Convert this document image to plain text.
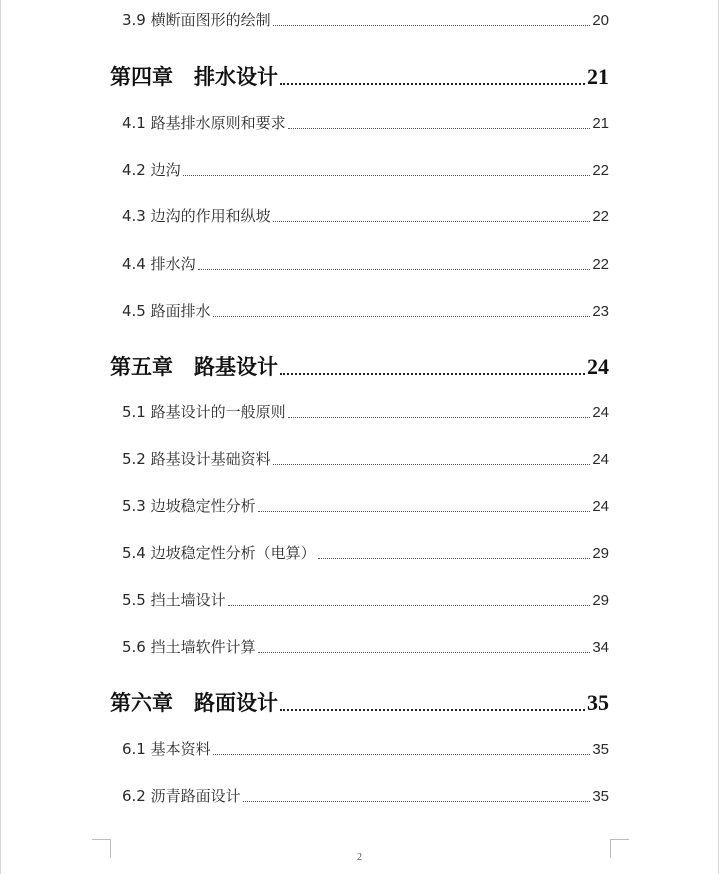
3.9 横断面图形的绘制	20
第四章　排水设计	21
4.1 路基排水原则和要求	21
4.2 边沟	22
4.3 边沟的作用和纵坡	22
4.4 排水沟	22
4.5 路面排水	23
第五章　路基设计	24
5.1 路基设计的一般原则	24
5.2 路基设计基础资料	24
5.3 边坡稳定性分析	24
5.4 边坡稳定性分析（电算）	29
5.5 挡土墙设计	29
5.6 挡土墙软件计算	34
第六章　路面设计	35
6.1 基本资料	35
6.2 沥青路面设计	35
2
